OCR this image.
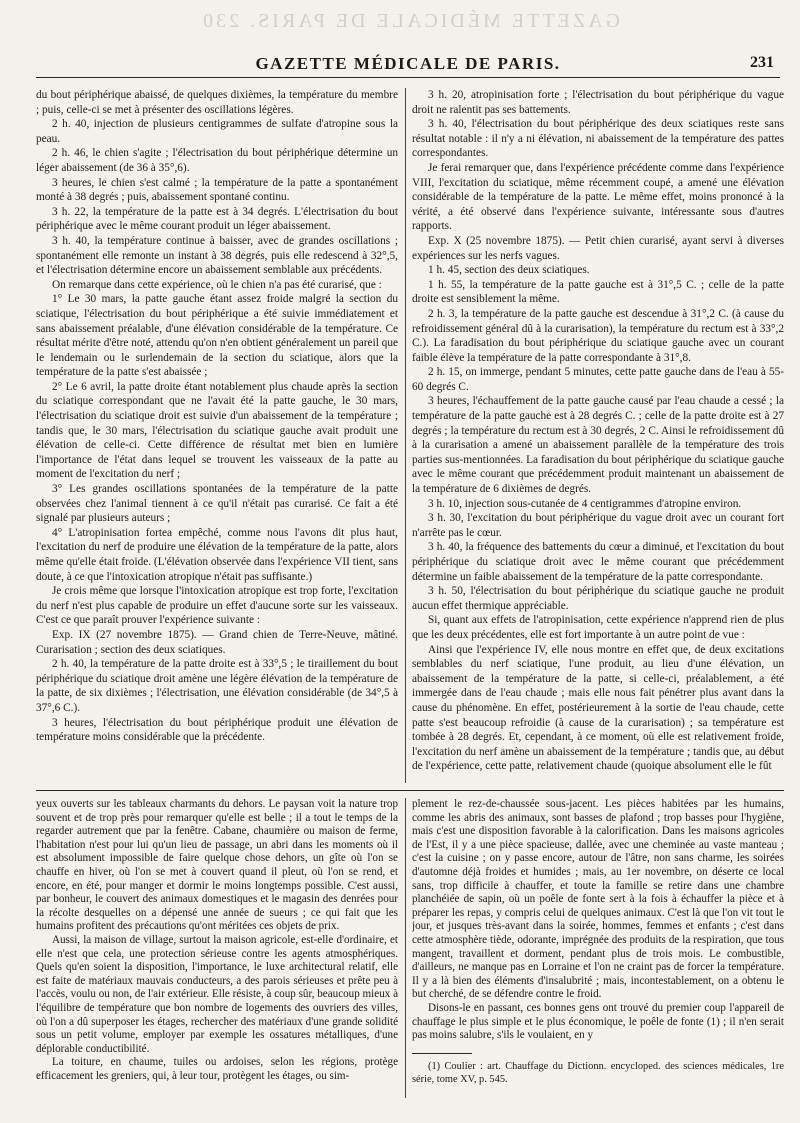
GAZETTE MÉDICALE DE PARIS. 230
GAZETTE MÉDICALE DE PARIS.	231

du bout périphérique abaissé, de quelques dixièmes, la température du membre ; puis, celle-ci se met à présenter des oscillations légères.

2 h. 40, injection de plusieurs centigrammes de sulfate d'atropine sous la peau.

2 h. 46, le chien s'agite ; l'électrisation du bout périphérique détermine un léger abaissement (de 36 à 35°,6).

3 heures, le chien s'est calmé ; la température de la patte a spontanément monté à 38 degrés ; puis, abaissement spontané continu.

3 h. 22, la température de la patte est à 34 degrés. L'électrisation du bout périphérique avec le même courant produit un léger abaissement.

3 h. 40, la température continue à baisser, avec de grandes oscillations ; spontanément elle remonte un instant à 38 degrés, puis elle redescend à 32°,5, et l'électrisation détermine encore un abaissement semblable aux précédents.

On remarque dans cette expérience, où le chien n'a pas été curarisé, que :

1° Le 30 mars, la patte gauche étant assez froide malgré la section du sciatique, l'électrisation du bout périphérique a été suivie immédiatement et sans abaissement préalable, d'une élévation considérable de la température. Ce résultat mérite d'être noté, attendu qu'on n'en obtient généralement un pareil que le lendemain ou le surlendemain de la section du sciatique, alors que la température de la patte s'est abaissée ;

2° Le 6 avril, la patte droite étant notablement plus chaude après la section du sciatique correspondant que ne l'avait été la patte gauche, le 30 mars, l'électrisation du sciatique droit est suivie d'un abaissement de la température ; tandis que, le 30 mars, l'électrisation du sciatique gauche avait produit une élévation de celle-ci. Cette différence de résultat met bien en lumière l'importance de l'état dans lequel se trouvent les vaisseaux de la patte au moment de l'excitation du nerf ;

3° Les grandes oscillations spontanées de la température de la patte observées chez l'animal tiennent à ce qu'il n'était pas curarisé. Ce fait a été signalé par plusieurs auteurs ;

4° L'atropinisation fortea empêché, comme nous l'avons dit plus haut, l'excitation du nerf de produire une élévation de la température de la patte, alors même qu'elle était froide. (L'élévation observée dans l'expérience VII tient, sans doute, à ce que l'intoxication atropique n'était pas suffisante.)

Je crois même que lorsque l'intoxication atropique est trop forte, l'excitation du nerf n'est plus capable de produire un effet d'aucune sorte sur les vaisseaux. C'est ce que paraît prouver l'expérience suivante :

Exp. IX (27 novembre 1875). — Grand chien de Terre-Neuve, mâtiné. Curarisation ; section des deux sciatiques.

2 h. 40, la température de la patte droite est à 33°,5 ; le tiraillement du bout périphérique du sciatique droit amène une légère élévation de la température de la patte, de six dixièmes ; l'électrisation, une élévation considérable (de 34°,5 à 37°,6 C.).

3 heures, l'électrisation du bout périphérique produit une élévation de température moins considérable que la précédente.

3 h. 20, atropinisation forte ; l'électrisation du bout périphérique du vague droit ne ralentit pas ses battements.

3 h. 40, l'électrisation du bout périphérique des deux sciatiques reste sans résultat notable : il n'y a ni élévation, ni abaissement de la température des pattes correspondantes.

Je ferai remarquer que, dans l'expérience précédente comme dans l'expérience VIII, l'excitation du sciatique, même récemment coupé, a amené une élévation considérable de la température de la patte. Le même effet, moins prononcé à la vérité, a été observé dans l'expérience suivante, intéressante sous d'autres rapports.

Exp. X (25 novembre 1875). — Petit chien curarisé, ayant servi à diverses expériences sur les nerfs vagues.

1 h. 45, section des deux sciatiques.

1 h. 55, la température de la patte gauche est à 31°,5 C. ; celle de la patte droite est sensiblement la même.

2 h. 3, la température de la patte gauche est descendue à 31°,2 C. (à cause du refroidissement général dû à la curarisation), la température du rectum est à 33°,2 C.). La faradisation du bout périphérique du sciatique gauche avec un courant faible élève la température de la patte correspondante à 31°,8.

2 h. 15, on immerge, pendant 5 minutes, cette patte gauche dans de l'eau à 55-60 degrés C.

3 heures, l'échauffement de la patte gauche causé par l'eau chaude a cessé ; la température de la patte gauche est à 28 degrés C. ; celle de la patte droite est à 27 degrés ; la température du rectum est à 30 degrés, 2 C. Ainsi le refroidissement dû à la curarisation a amené un abaissement parallèle de la température des trois parties sus-mentionnées. La faradisation du bout périphérique du sciatique gauche avec le même courant que précédemment produit maintenant un abaissement de la température de 6 dixièmes de degrés.

3 h. 10, injection sous-cutanée de 4 centigrammes d'atropine environ.

3 h. 30, l'excitation du bout périphérique du vague droit avec un courant fort n'arrête pas le cœur.

3 h. 40, la fréquence des battements du cœur a diminué, et l'excitation du bout périphérique du sciatique droit avec le même courant que précédemment détermine un faible abaissement de la température de la patte correspondante.

3 h. 50, l'électrisation du bout périphérique du sciatique gauche ne produit aucun effet thermique appréciable.

Si, quant aux effets de l'atropinisation, cette expérience n'apprend rien de plus que les deux précédentes, elle est fort importante à un autre point de vue :

Ainsi que l'expérience IV, elle nous montre en effet que, de deux excitations semblables du nerf sciatique, l'une produit, au lieu d'une élévation, un abaissement de la température de la patte, si celle-ci, préalablement, a été immergée dans de l'eau chaude ; mais elle nous fait pénétrer plus avant dans la cause du phénomène. En effet, postérieurement à la sortie de l'eau chaude, cette patte s'est beaucoup refroidie (à cause de la curarisation) ; sa température est tombée à 28 degrés. Et, cependant, à ce moment, où elle est relativement froide, l'excitation du nerf amène un abaissement de la température ; tandis que, au début de l'expérience, cette patte, relativement chaude (quoique absolument elle le fût

yeux ouverts sur les tableaux charmants du dehors. Le paysan voit la nature trop souvent et de trop près pour remarquer qu'elle est belle ; il a tout le temps de la regarder autrement que par la fenêtre. Cabane, chaumière ou maison de ferme, l'habitation n'est pour lui qu'un lieu de passage, un abri dans les moments où il est absolument impossible de faire quelque chose dehors, un gîte où l'on se chauffe en hiver, où l'on se met à couvert quand il pleut, où l'on se rend, et encore, en été, pour manger et dormir le moins longtemps possible. C'est aussi, par bonheur, le couvert des animaux domestiques et le magasin des denrées pour la récolte desquelles on a dépensé une année de sueurs ; ce qui fait que les humains profitent des précautions qu'ont méritées ces objets de prix.

Aussi, la maison de village, surtout la maison agricole, est-elle d'ordinaire, et elle n'est que cela, une protection sérieuse contre les agents atmosphériques. Quels qu'en soient la disposition, l'importance, le luxe architectural relatif, elle est faite de matériaux mauvais conducteurs, a des parois sérieuses et prête peu à l'accès, voulu ou non, de l'air extérieur. Elle résiste, à coup sûr, beaucoup mieux à l'équilibre de température que bon nombre de logements des ouvriers des villes, où l'on a dû superposer les étages, rechercher des matériaux d'une grande solidité sous un petit volume, employer par exemple les ossatures métalliques, d'une déplorable conductibilité.

La toiture, en chaume, tuiles ou ardoises, selon les régions, protège efficacement les greniers, qui, à leur tour, protègent les étages, ou sim-

plement le rez-de-chaussée sous-jacent. Les pièces habitées par les humains, comme les abris des animaux, sont basses de plafond ; trop basses pour l'hygiène, mais c'est une disposition favorable à la calorification. Dans les maisons agricoles de l'Est, il y a une pièce spacieuse, dallée, avec une cheminée au vaste manteau ; c'est la cuisine ; on y passe encore, autour de l'âtre, non sans charme, les soirées d'automne déjà froides et humides ; mais, au 1er novembre, on déserte ce local sans, trop difficile à chauffer, et toute la famille se retire dans une chambre planchéiée de sapin, où un poêle de fonte sert à la fois à échauffer la pièce et à préparer les repas, y compris celui de quelques animaux. C'est là que l'on vit tout le jour, et jusques très-avant dans la soirée, hommes, femmes et enfants ; c'est dans cette atmosphère tiède, odorante, imprégnée des produits de la respiration, que tous mangent, travaillent et dorment, pendant plus de trois mois. Le combustible, d'ailleurs, ne manque pas en Lorraine et l'on ne craint pas de forcer la température. Il y a là bien des éléments d'insalubrité ; mais, incontestablement, on a obtenu le but cherché, de se défendre contre le froid.

Disons-le en passant, ces bonnes gens ont trouvé du premier coup l'appareil de chauffage le plus simple et le plus économique, le poêle de fonte (1) ; il n'en serait pas moins salubre, s'ils le voulaient, en y

(1) Coulier : art. Chauffage du Dictionn. encycloped. des sciences médicales, 1re série, tome XV, p. 545.
